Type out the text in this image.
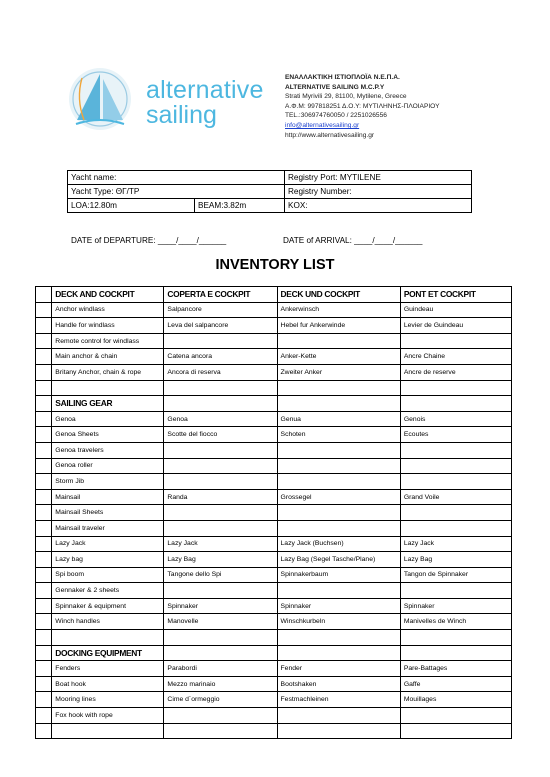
alternative
sailing
ΕΝΑΛΛΑΚΤΙΚΗ ΙΣΤΙΟΠΛΟΪΑ Ν.Ε.Π.Α.
ALTERNATIVE SAILING M.C.P.Y
Strati Myrivili 29, 81100, Mytilene, Greece
Α.Φ.Μ: 997818251 Δ.Ο.Υ: ΜΥΤΙΛΗΝΗΣ-ΠΛΟΙΑΡΙΟΥ
TEL.:306974760050 / 2251026556
info@alternativesailing.gr
http://www.alternativesailing.gr
Yacht name:		Registry Port: MYTILENE
Yacht Type: ΘΓ/ΤΡ		Registry Number:
LOA:12.80m	BEAM:3.82m	KOX:
DATE of DEPARTURE: ____/____/______	DATE of ARRIVAL: ____/____/______
INVENTORY LIST
	DECK AND COCKPIT	COPERTA E COCKPIT	DECK UND COCKPIT	PONT ET COCKPIT
	Anchor windlass	Salpancore	Ankerwinsch	Guindeau
	Handle for windlass	Leva del salpancore	Hebel fur Ankerwinde	Levier de Guindeau
	Remote control for windlass			
	Main anchor & chain	Catena ancora	Anker-Kette	Ancre Chaine
	Britany Anchor, chain & rope	Ancora di reserva	Zweiter Anker	Ancre de reserve

	SAILING GEAR			
	Genoa	Genoa	Genua	Genois
	Genoa Sheets	Scotte del fiocco	Schoten	Ecoutes
	Genoa travelers			
	Genoa roller			
	Storm Jib			
	Mainsail	Randa	Grossegel	Grand Voile
	Mainsail Sheets			
	Mainsail traveler			
	Lazy Jack	Lazy Jack	Lazy Jack (Buchsen)	Lazy Jack
	Lazy bag	Lazy Bag	Lazy Bag (Segel Tasche/Plane)	Lazy Bag
	Spi boom	Tangone dello Spi	Spinnakerbaum	Tangon de Spinnaker
	Gennaker & 2 sheets			
	Spinnaker & equipment	Spinnaker	Spinnaker	Spinnaker
	Winch handles	Manovelle	Winschkurbeln	Manivelles de Winch

	DOCKING EQUIPMENT			
	Fenders	Parabordi	Fender	Pare-Battages
	Boat hook	Mezzo marinaio	Bootshaken	Gaffe
	Mooring lines	Cime d`ormeggio	Festmachleinen	Mouillages
	Fox hook with rope			
